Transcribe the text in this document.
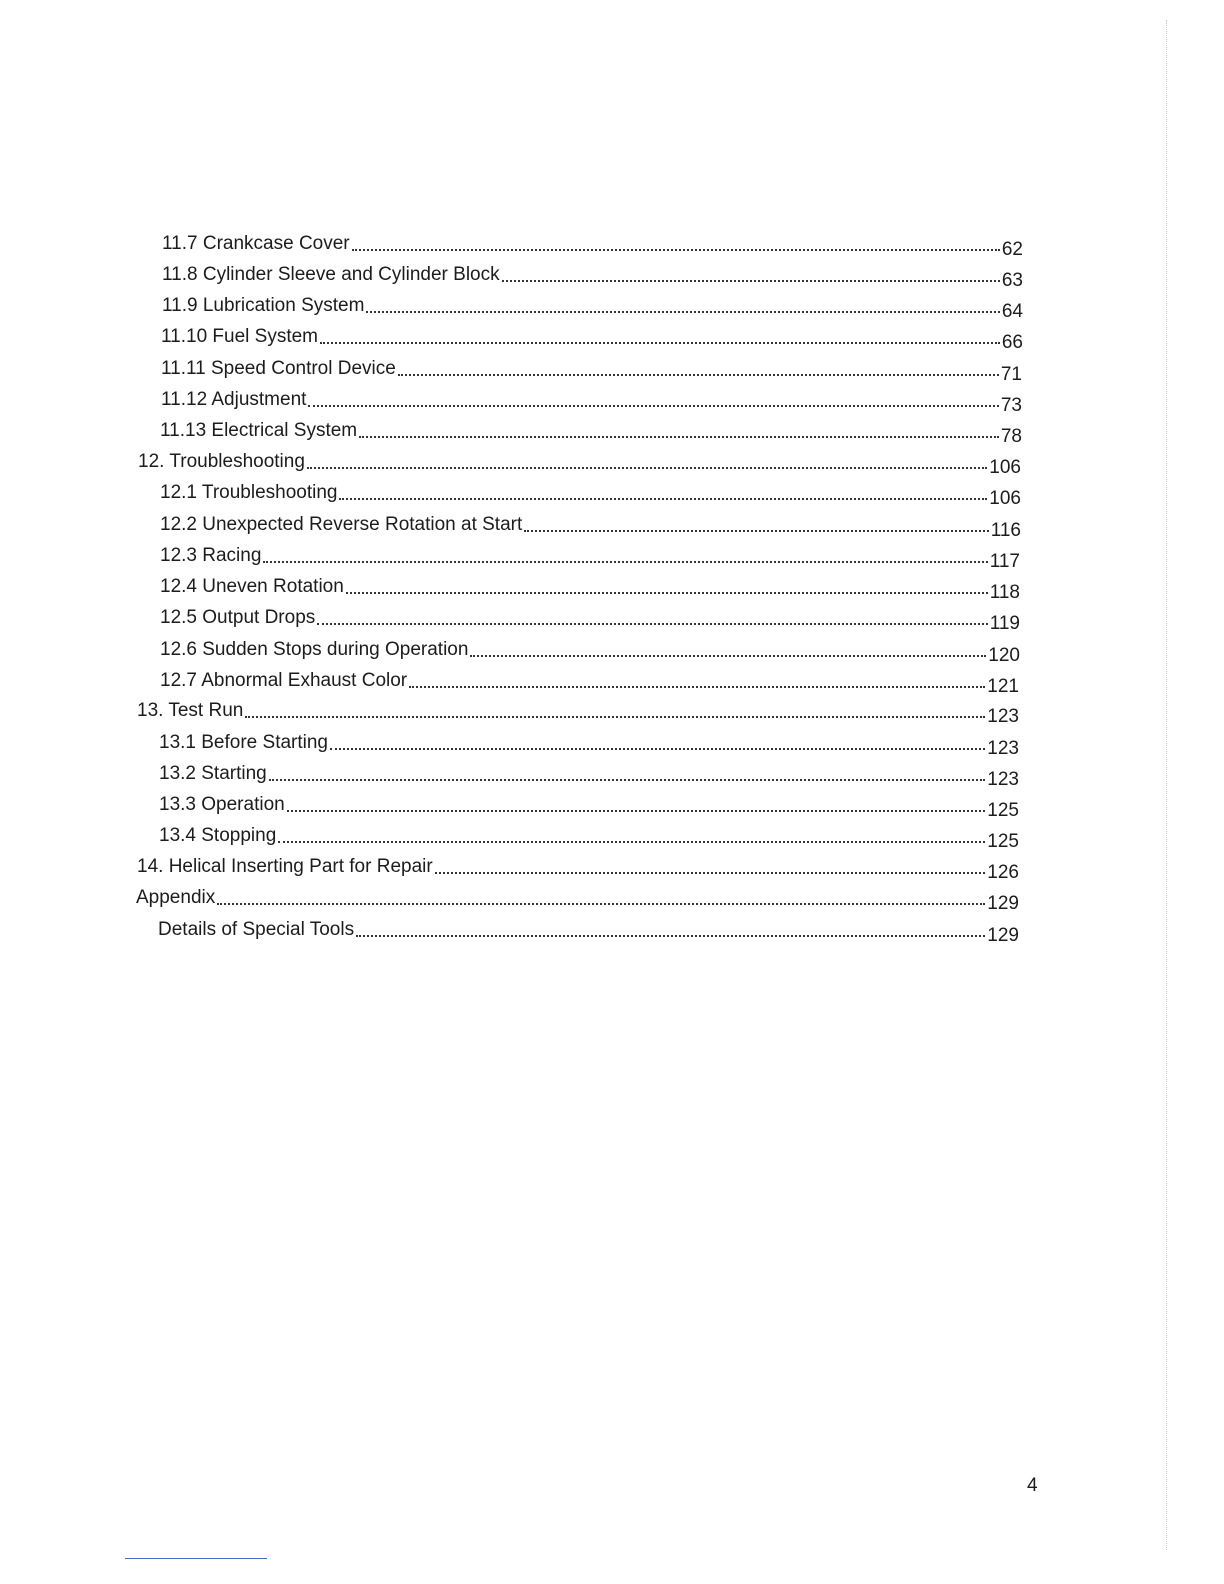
11.7 Crankcase Cover	62
11.8 Cylinder Sleeve and Cylinder Block	63
11.9 Lubrication System	64
11.10 Fuel System	66
11.11 Speed Control Device	71
11.12 Adjustment	73
11.13 Electrical System	78
12. Troubleshooting	106
12.1 Troubleshooting	106
12.2 Unexpected Reverse Rotation at Start	116
12.3 Racing	117
12.4 Uneven Rotation	118
12.5 Output Drops	119
12.6 Sudden Stops during Operation	120
12.7 Abnormal Exhaust Color	121
13. Test Run	123
13.1 Before Starting	123
13.2 Starting	123
13.3 Operation	125
13.4 Stopping	125
14. Helical Inserting Part for Repair	126
Appendix	129
Details of Special Tools	129
4
